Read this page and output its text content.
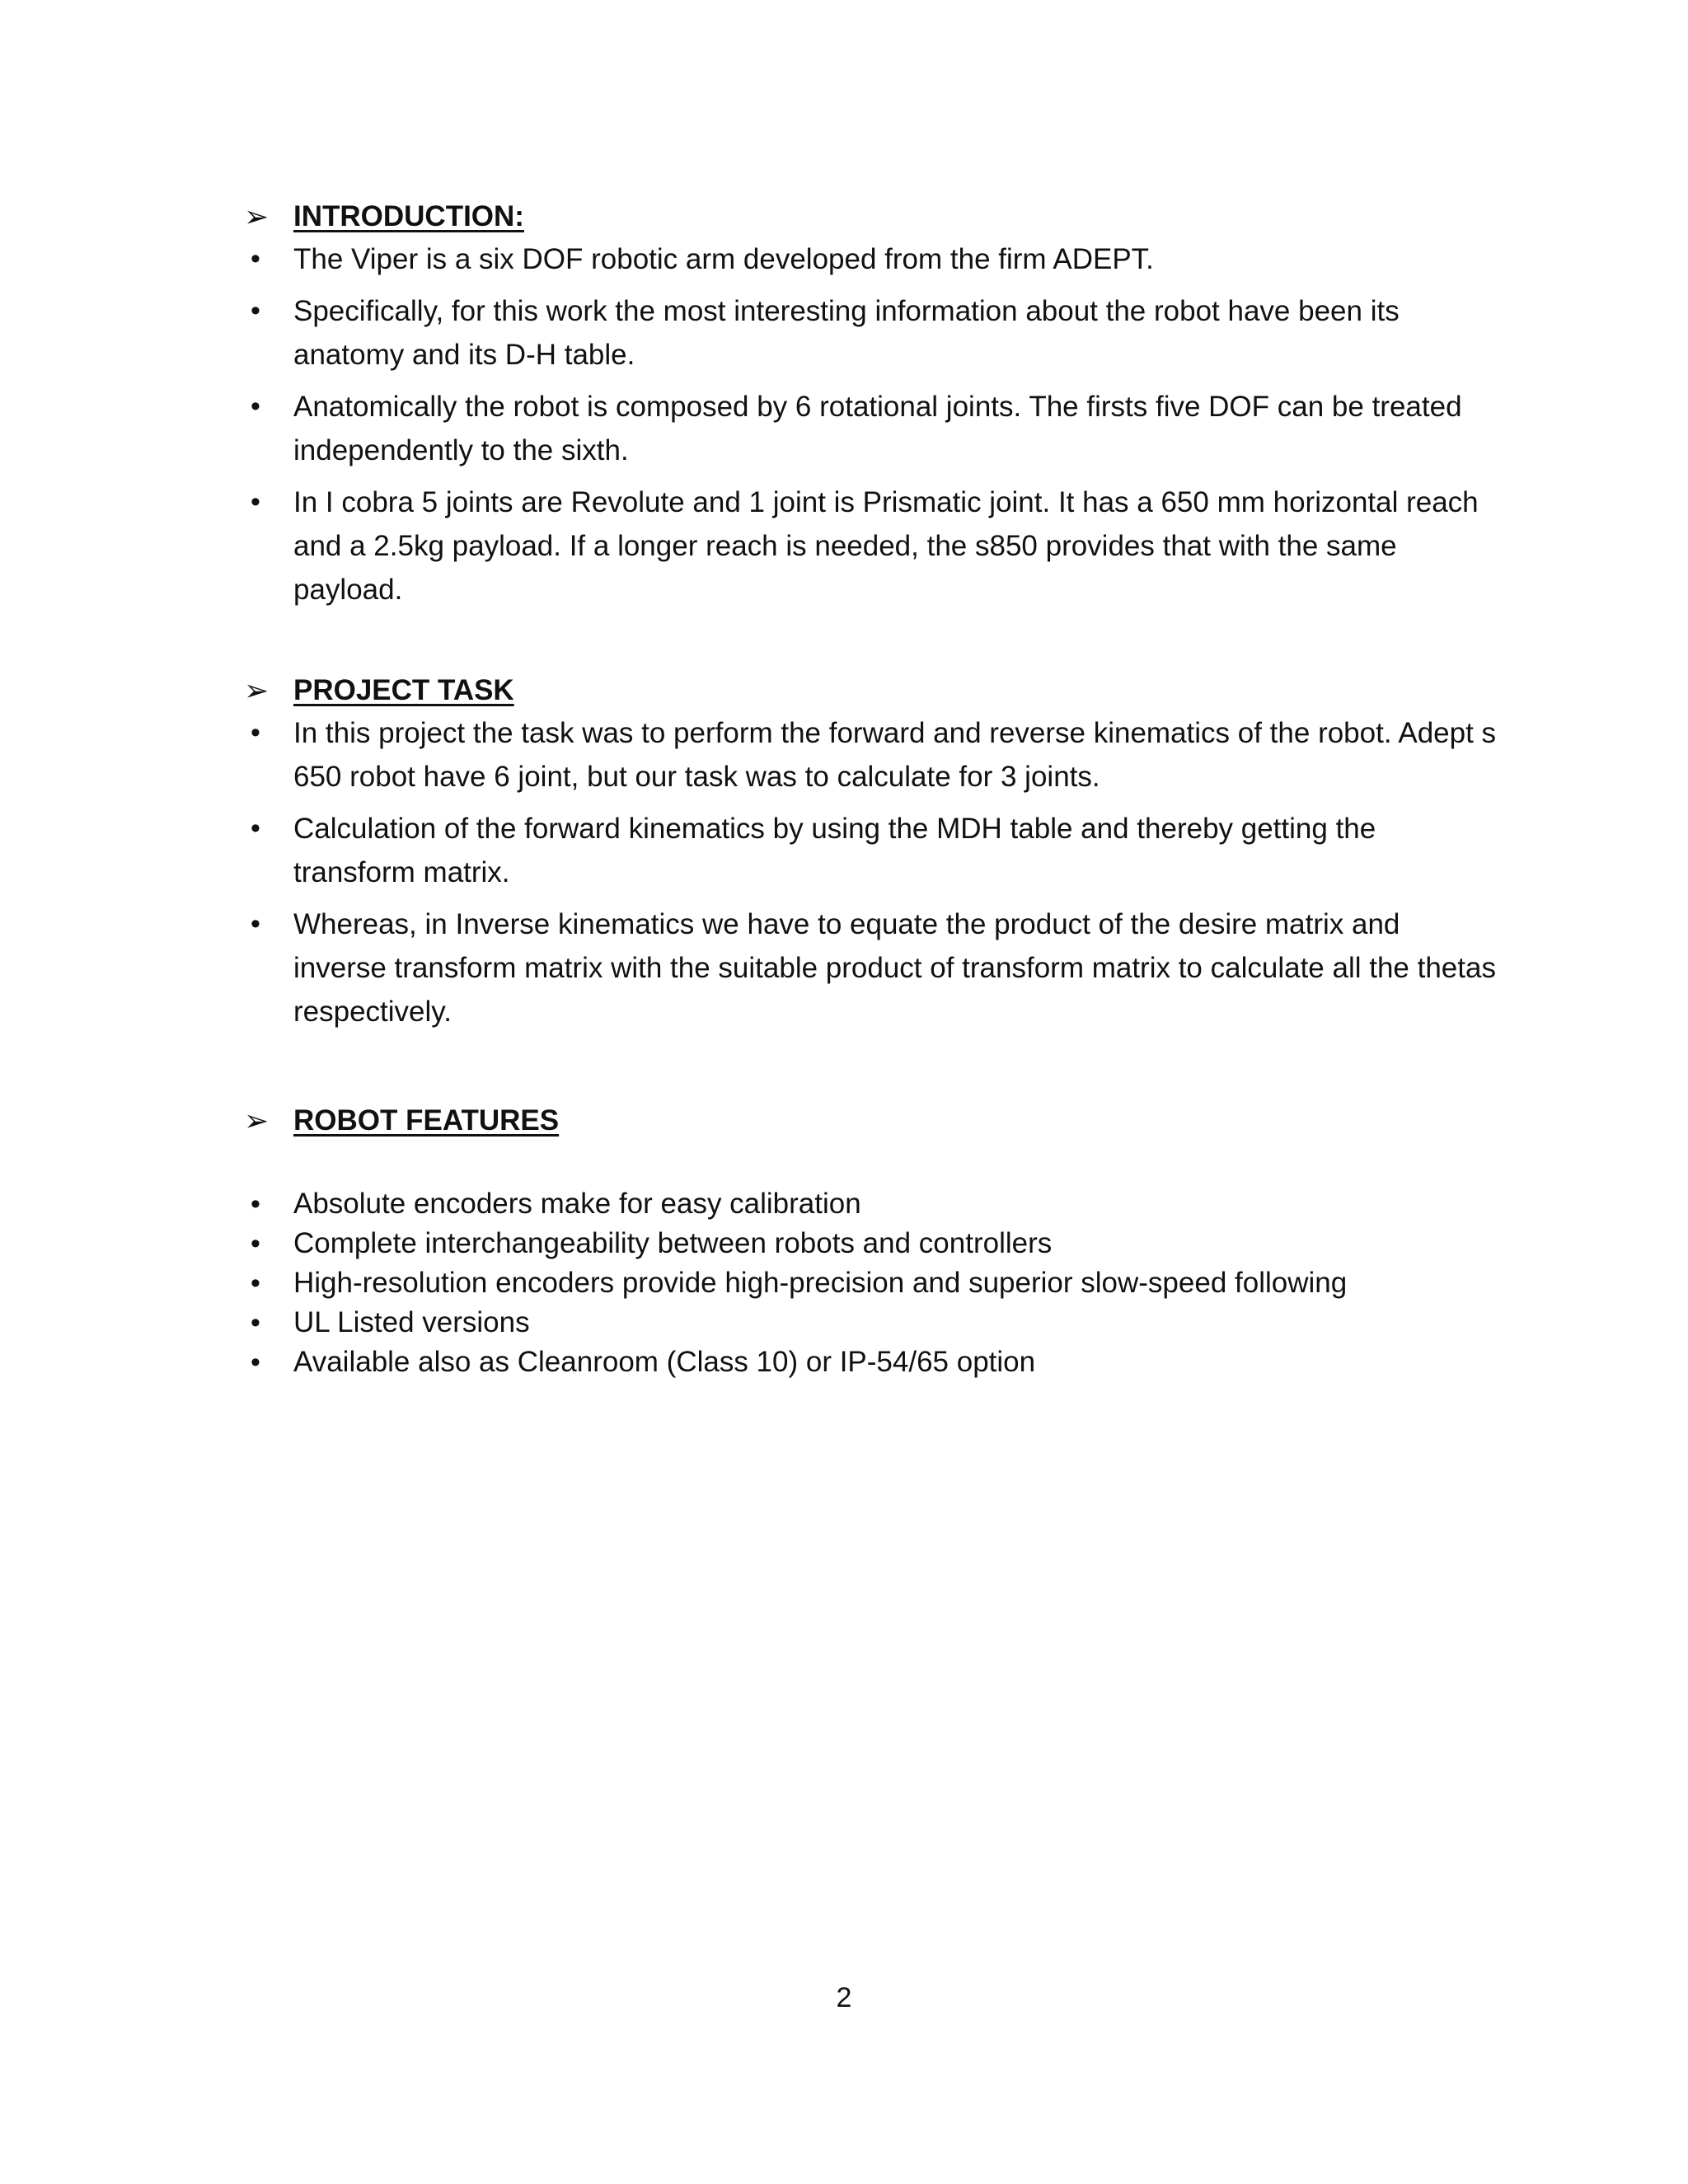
➢ INTRODUCTION:
• The Viper is a six DOF robotic arm developed from the firm ADEPT.
• Specifically, for this work the most interesting information about the robot have been its anatomy and its D-H table.
• Anatomically the robot is composed by 6 rotational joints. The firsts five DOF can be treated independently to the sixth.
• In I cobra 5 joints are Revolute and 1 joint is Prismatic joint. It has a 650 mm horizontal reach and a 2.5kg payload. If a longer reach is needed, the s850 provides that with the same payload.
➢ PROJECT TASK
• In this project the task was to perform the forward and reverse kinematics of the robot. Adept s 650 robot have 6 joint, but our task was to calculate for 3 joints.
• Calculation of the forward kinematics by using the MDH table and thereby getting the transform matrix.
• Whereas, in Inverse kinematics we have to equate the product of the desire matrix and inverse transform matrix with the suitable product of transform matrix to calculate all the thetas respectively.
➢ ROBOT FEATURES
• Absolute encoders make for easy calibration
• Complete interchangeability between robots and controllers
• High-resolution encoders provide high-precision and superior slow-speed following
• UL Listed versions
• Available also as Cleanroom (Class 10) or IP-54/65 option
2
